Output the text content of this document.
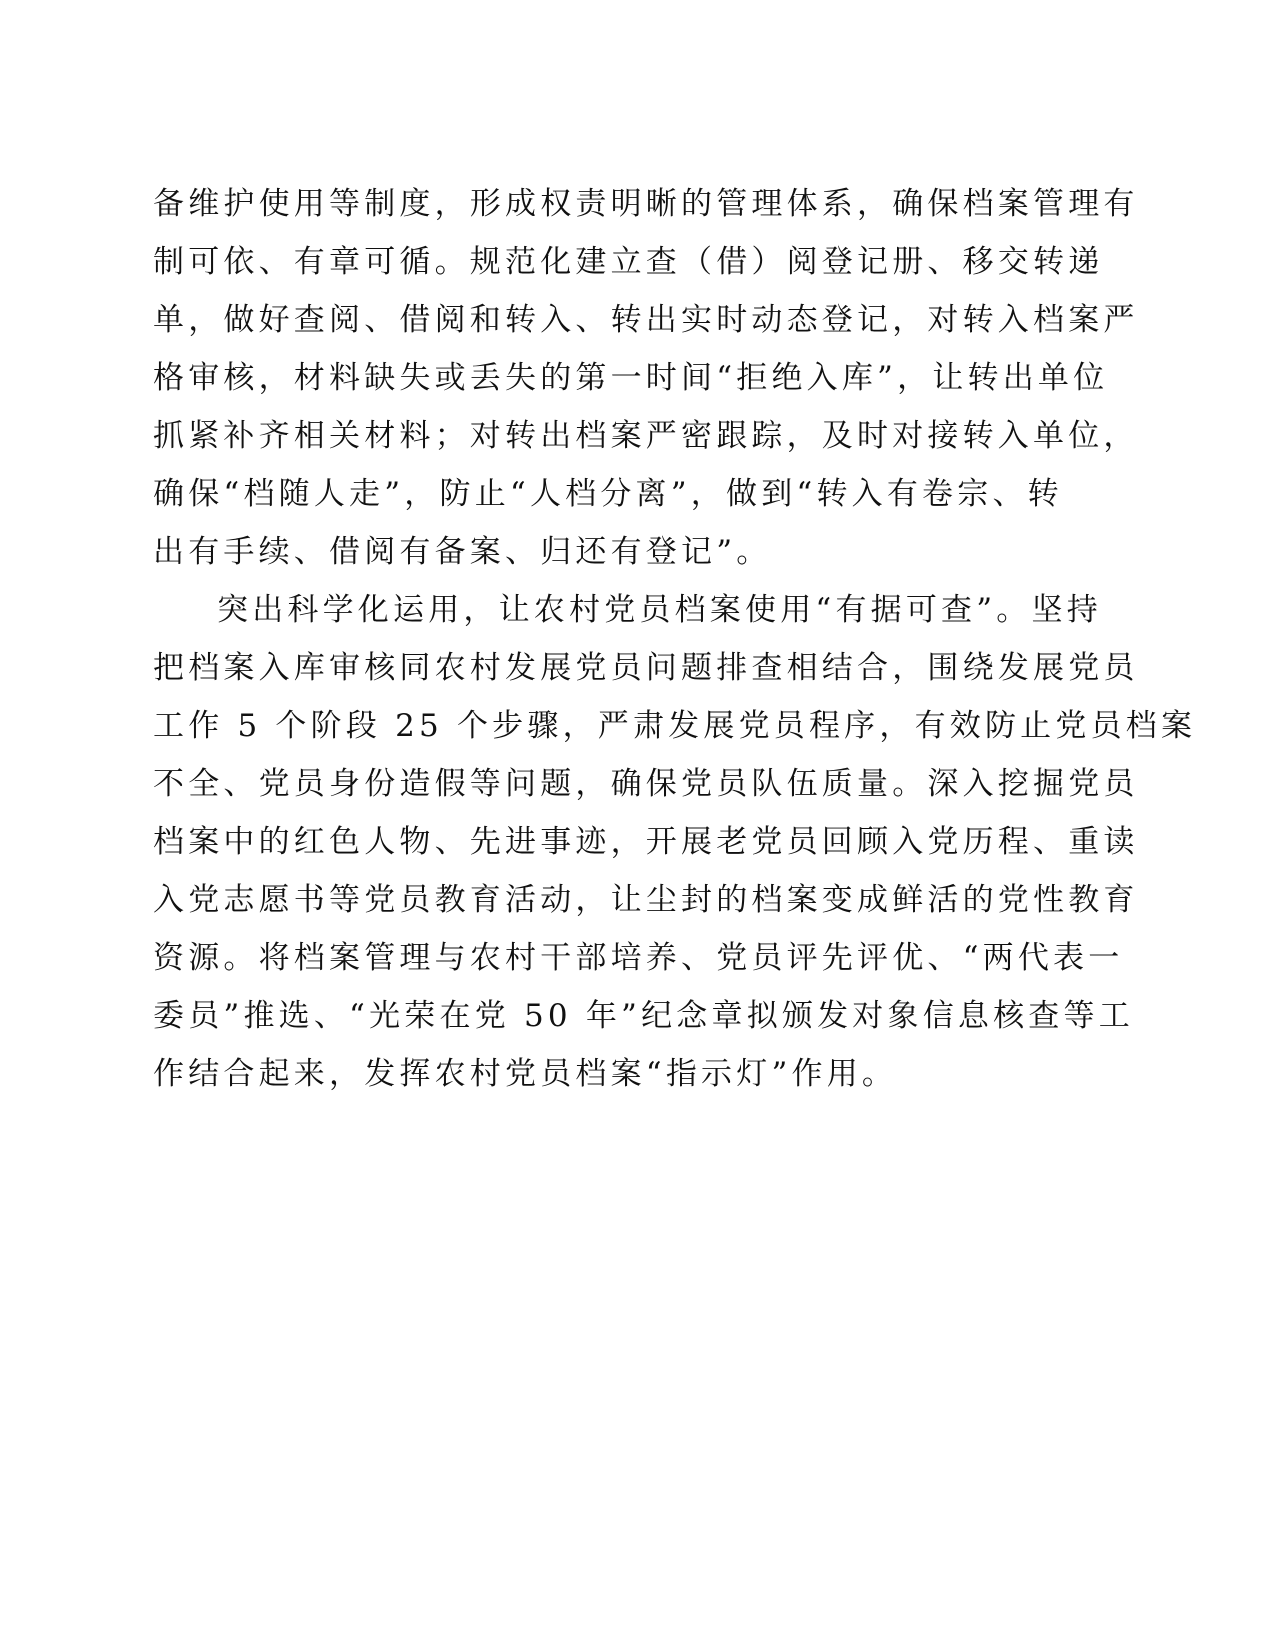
备维护使用等制度，形成权责明晰的管理体系，确保档案管理有
制可依、有章可循。规范化建立查（借）阅登记册、移交转递
单，做好查阅、借阅和转入、转出实时动态登记，对转入档案严
格审核，材料缺失或丢失的第一时间“拒绝入库”，让转出单位
抓紧补齐相关材料；对转出档案严密跟踪，及时对接转入单位，
确保“档随人走”，防止“人档分离”，做到“转入有卷宗、转
出有手续、借阅有备案、归还有登记”。
突出科学化运用，让农村党员档案使用“有据可查”。坚持
把档案入库审核同农村发展党员问题排查相结合，围绕发展党员
工作 5 个阶段 25 个步骤，严肃发展党员程序，有效防止党员档案
不全、党员身份造假等问题，确保党员队伍质量。深入挖掘党员
档案中的红色人物、先进事迹，开展老党员回顾入党历程、重读
入党志愿书等党员教育活动，让尘封的档案变成鲜活的党性教育
资源。将档案管理与农村干部培养、党员评先评优、“两代表一
委员”推选、“光荣在党 50 年”纪念章拟颁发对象信息核查等工
作结合起来，发挥农村党员档案“指示灯”作用。
